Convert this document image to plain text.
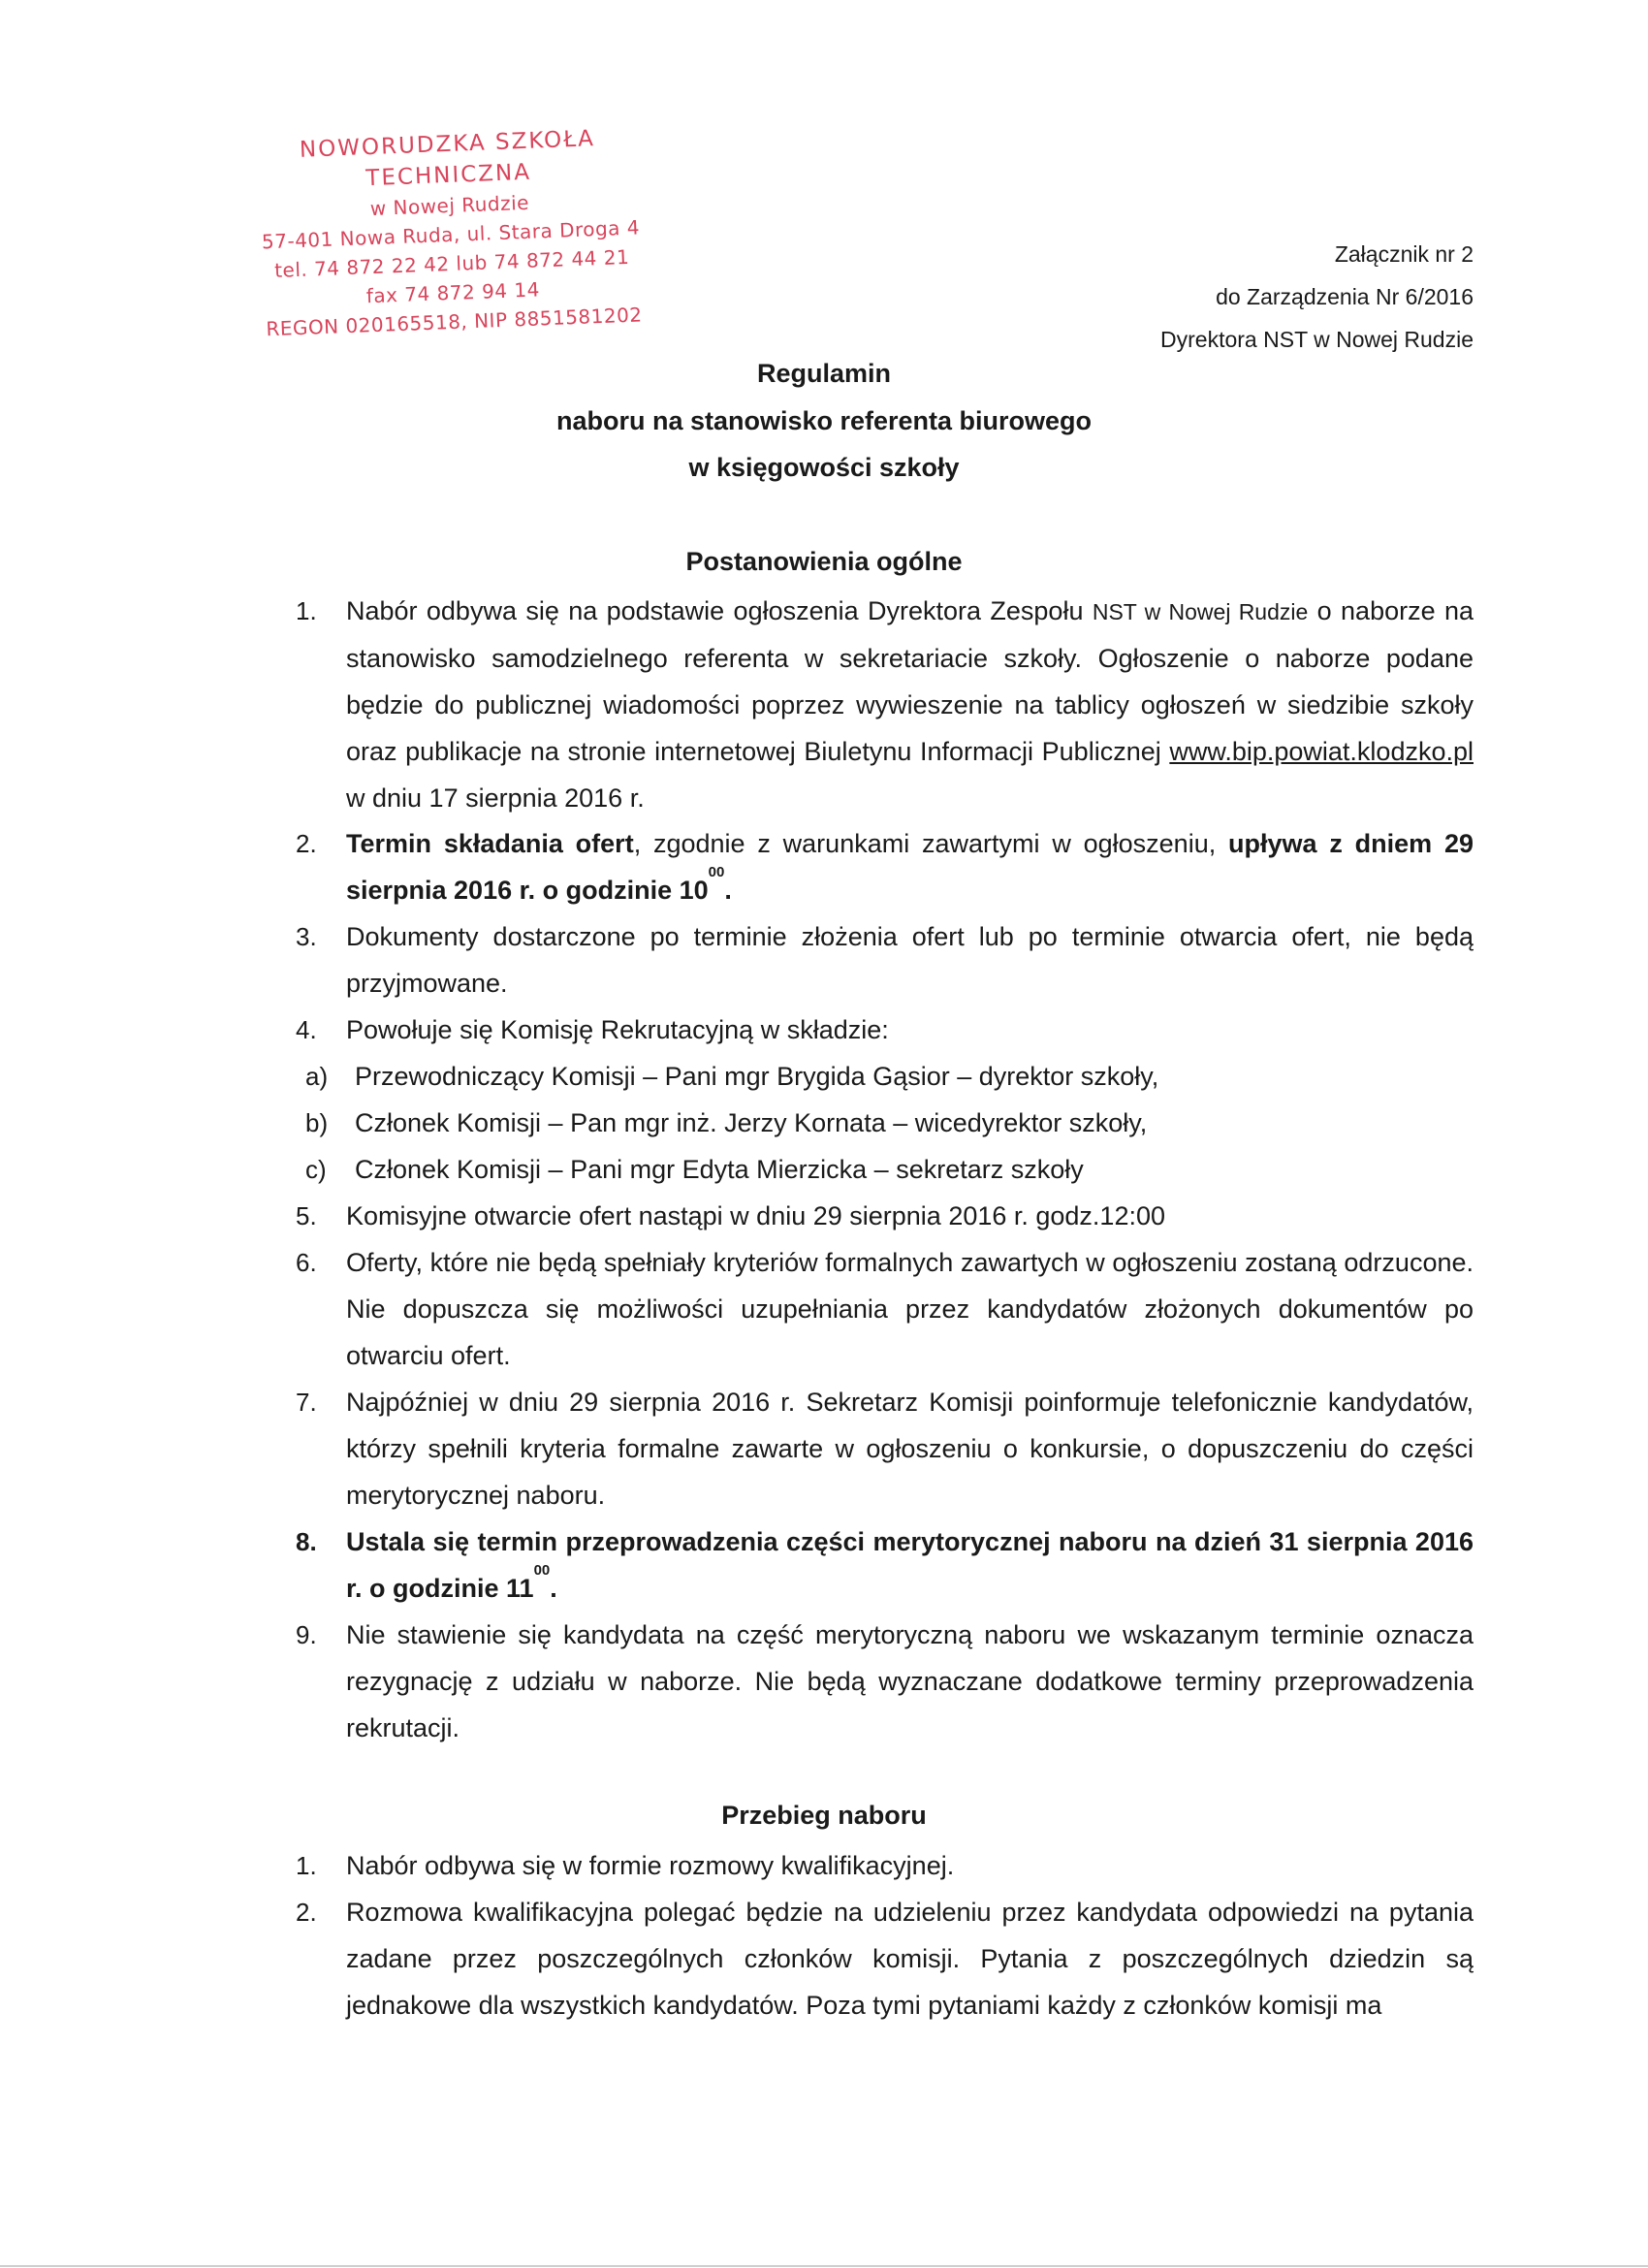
NOWORUDZKA SZKOŁA TECHNICZNA
w Nowej Rudzie
57-401 Nowa Ruda, ul. Stara Droga 4
tel. 74 872 22 42 lub 74 872 44 21
fax 74 872 94 14
REGON 020165518, NIP 8851581202
Załącznik nr 2
do Zarządzenia Nr 6/2016
Dyrektora NST w Nowej Rudzie
Regulamin
naboru na stanowisko referenta biurowego
w księgowości szkoły
Postanowienia ogólne
1. Nabór odbywa się na podstawie ogłoszenia Dyrektora Zespołu NST w Nowej Rudzie o naborze na stanowisko samodzielnego referenta w sekretariacie szkoły. Ogłoszenie o naborze podane będzie do publicznej wiadomości poprzez wywieszenie na tablicy ogłoszeń w siedzibie szkoły oraz publikacje na stronie internetowej Biuletynu Informacji Publicznej www.bip.powiat.klodzko.pl w dniu 17 sierpnia 2016 r.
2. Termin składania ofert, zgodnie z warunkami zawartymi w ogłoszeniu, upływa z dniem 29 sierpnia 2016 r. o godzinie $10^{00}$.
3. Dokumenty dostarczone po terminie złożenia ofert lub po terminie otwarcia ofert, nie będą przyjmowane.
4. Powołuje się Komisję Rekrutacyjną w składzie:
a) Przewodniczący Komisji – Pani mgr Brygida Gąsior – dyrektor szkoły,
b) Członek Komisji – Pan mgr inż. Jerzy Kornata – wicedyrektor szkoły,
c) Członek Komisji – Pani mgr Edyta Mierzicka – sekretarz szkoły
5. Komisyjne otwarcie ofert nastąpi w dniu 29 sierpnia 2016 r. godz.12:00
6. Oferty, które nie będą spełniały kryteriów formalnych zawartych w ogłoszeniu zostaną odrzucone. Nie dopuszcza się możliwości uzupełniania przez kandydatów złożonych dokumentów po otwarciu ofert.
7. Najpóźniej w dniu 29 sierpnia 2016 r. Sekretarz Komisji poinformuje telefonicznie kandydatów, którzy spełnili kryteria formalne zawarte w ogłoszeniu o konkursie, o dopuszczeniu do części merytorycznej naboru.
8. Ustala się termin przeprowadzenia części merytorycznej naboru na dzień 31 sierpnia 2016 r. o godzinie $11^{00}$.
9. Nie stawienie się kandydata na część merytoryczną naboru we wskazanym terminie oznacza rezygnację z udziału w naborze. Nie będą wyznaczane dodatkowe terminy przeprowadzenia rekrutacji.
Przebieg naboru
1. Nabór odbywa się w formie rozmowy kwalifikacyjnej.
2. Rozmowa kwalifikacyjna polegać będzie na udzieleniu przez kandydata odpowiedzi na pytania zadane przez poszczególnych członków komisji. Pytania z poszczególnych dziedzin są jednakowe dla wszystkich kandydatów. Poza tymi pytaniami każdy z członków komisji ma
